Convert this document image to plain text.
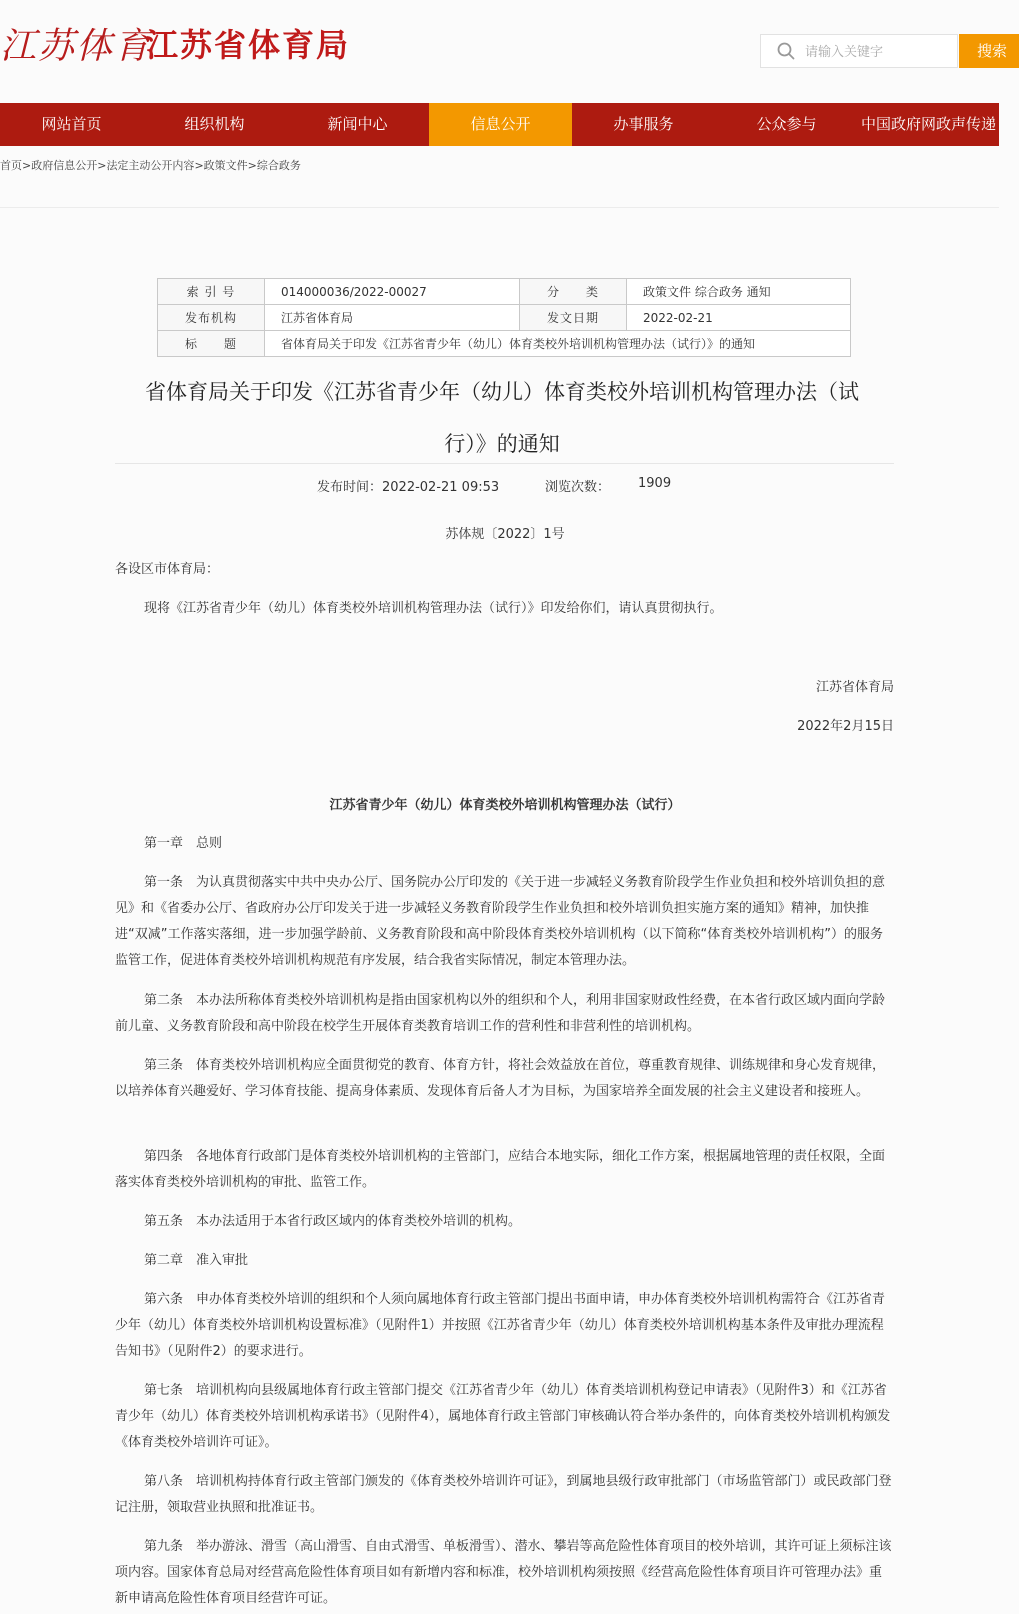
江苏体育
江苏省体育局
请输入关键字	搜索
网站首页	组织机构	新闻中心	信息公开	办事服务	公众参与	中国政府网政声传递
首页>政府信息公开>法定主动公开内容>政策文件>综合政务
索 引 号	014000036/2022-00027	分　　类	政策文件 综合政务 通知
发布机构	江苏省体育局	发文日期	2022-02-21
标　　题	省体育局关于印发《江苏省青少年（幼儿）体育类校外培训机构管理办法（试行）》的通知		
省体育局关于印发《江苏省青少年（幼儿）体育类校外培训机构管理办法（试行）》的通知
发布时间：2022-02-21 09:53	浏览次数： 1909
苏体规〔2022〕1号
各设区市体育局：
现将《江苏省青少年（幼儿）体育类校外培训机构管理办法（试行）》印发给你们，请认真贯彻执行。
江苏省体育局
2022年2月15日
江苏省青少年（幼儿）体育类校外培训机构管理办法（试行）
第一章　总则
第一条　为认真贯彻落实中共中央办公厅、国务院办公厅印发的《关于进一步减轻义务教育阶段学生作业负担和校外培训负担的意见》和《省委办公厅、省政府办公厅印发关于进一步减轻义务教育阶段学生作业负担和校外培训负担实施方案的通知》精神，加快推进“双减”工作落实落细，进一步加强学龄前、义务教育阶段和高中阶段体育类校外培训机构（以下简称“体育类校外培训机构”）的服务监管工作，促进体育类校外培训机构规范有序发展，结合我省实际情况，制定本管理办法。
第二条　本办法所称体育类校外培训机构是指由国家机构以外的组织和个人，利用非国家财政性经费，在本省行政区域内面向学龄前儿童、义务教育阶段和高中阶段在校学生开展体育类教育培训工作的营利性和非营利性的培训机构。
第三条　体育类校外培训机构应全面贯彻党的教育、体育方针，将社会效益放在首位，尊重教育规律、训练规律和身心发育规律，以培养体育兴趣爱好、学习体育技能、提高身体素质、发现体育后备人才为目标，为国家培养全面发展的社会主义建设者和接班人。
第四条　各地体育行政部门是体育类校外培训机构的主管部门，应结合本地实际，细化工作方案，根据属地管理的责任权限，全面落实体育类校外培训机构的审批、监管工作。
第五条　本办法适用于本省行政区域内的体育类校外培训的机构。
第二章　准入审批
第六条　申办体育类校外培训的组织和个人须向属地体育行政主管部门提出书面申请，申办体育类校外培训机构需符合《江苏省青少年（幼儿）体育类校外培训机构设置标准》（见附件1）并按照《江苏省青少年（幼儿）体育类校外培训机构基本条件及审批办理流程告知书》（见附件2）的要求进行。
第七条　培训机构向县级属地体育行政主管部门提交《江苏省青少年（幼儿）体育类培训机构登记申请表》（见附件3）和《江苏省青少年（幼儿）体育类校外培训机构承诺书》（见附件4），属地体育行政主管部门审核确认符合举办条件的，向体育类校外培训机构颁发《体育类校外培训许可证》。
第八条　培训机构持体育行政主管部门颁发的《体育类校外培训许可证》，到属地县级行政审批部门（市场监管部门）或民政部门登记注册，领取营业执照和批准证书。
第九条　举办游泳、滑雪（高山滑雪、自由式滑雪、单板滑雪）、潜水、攀岩等高危险性体育项目的校外培训，其许可证上须标注该项内容。国家体育总局对经营高危险性体育项目如有新增内容和标准，校外培训机构须按照《经营高危险性体育项目许可管理办法》重新申请高危险性体育项目经营许可证。
